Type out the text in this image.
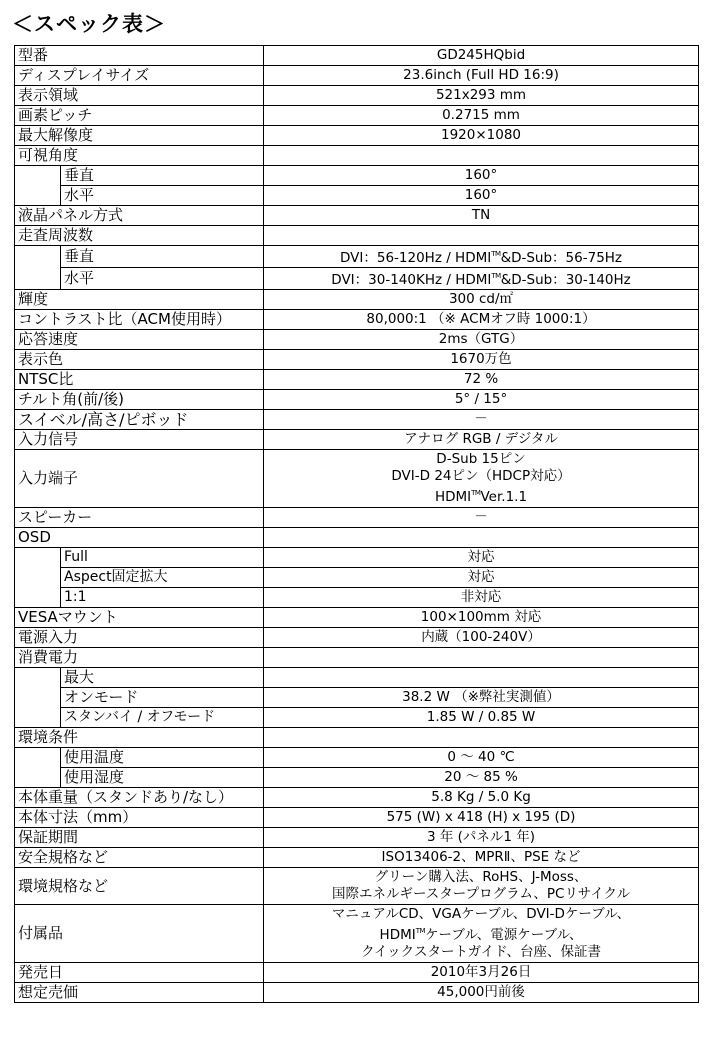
＜スペック表＞
型番		GD245HQbid
ディスプレイサイズ		23.6inch (Full HD 16:9)
表示領域		521x293 mm
画素ピッチ		0.2715 mm
最大解像度		1920×1080
可視角度		
	垂直	160°
	水平	160°
液晶パネル方式		TN
走査周波数		
	垂直	DVI：56-120Hz / HDMI™&D-Sub：56-75Hz
	水平	DVI：30-140KHz / HDMI™&D-Sub：30-140Hz
輝度		300 cd/㎡
コントラスト比（ACM使用時）		80,000:1 （※ ACMオフ時 1000:1）
応答速度		2ms（GTG）
表示色		1670万色
NTSC比		72 %
チルト角(前/後)		5° / 15°
スイベル/高さ/ピボッド		－
入力信号		アナログ RGB / デジタル
入力端子		D-Sub 15ピン
DVI-D 24ピン（HDCP対応）
HDMI™Ver.1.1

スピーカー		－
OSD		
	Full	対応
	Aspect固定拡大	対応
	1:1	非対応
VESAマウント		100×100mm 対応
電源入力		内蔵（100-240V）
消費電力		
	最大	
	オンモード	38.2 W （※弊社実測値）
	スタンバイ / オフモード	1.85 W / 0.85 W
環境条件		
	使用温度	0 ～ 40 ℃
	使用湿度	20 ～ 85 %
本体重量（スタンドあり/なし）		5.8 Kg / 5.0 Kg
本体寸法（mm）		575 (W) x 418 (H) x 195 (D)
保証期間		3 年 (パネル1 年)
安全規格など		ISO13406-2、MPRⅡ、PSE など
環境規格など		グリーン購入法、RoHS、J-Moss、
国際エネルギースタープログラム、PCリサイクル

付属品		マニュアルCD、VGAケーブル、DVI-Dケーブル、
HDMI™ケーブル、電源ケーブル、
クイックスタートガイド、台座、保証書

発売日		2010年3月26日
想定売価		45,000円前後
